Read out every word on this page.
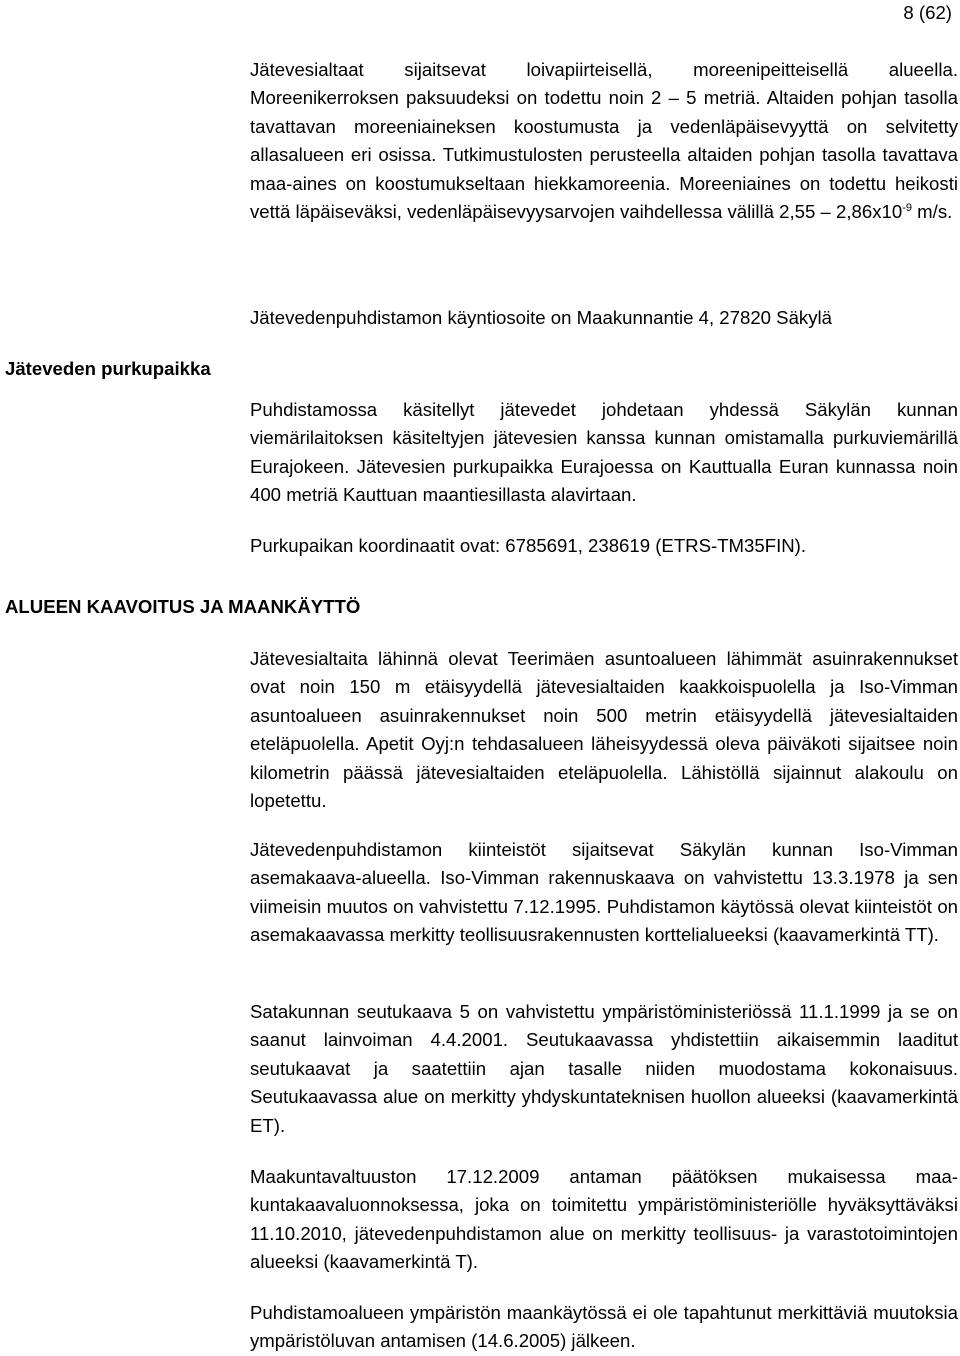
8 (62)

Jätevesialtaat sijaitsevat loivapiirteisellä, moreenipeitteisellä alueella. Moreenikerroksen paksuudeksi on todettu noin 2 – 5 metriä. Altaiden pohjan tasolla tavattavan moreeniaineksen koostumusta ja vedenläpäisevyyttä on selvitetty allasalueen eri osissa. Tutkimustulosten perusteella altaiden pohjan tasolla tavattava maa-aines on koostumukseltaan hiekkamoreenia. Moreeniaines on todettu heikosti vettä läpäiseväksi, vedenläpäisevyysarvojen vaihdellessa välillä $2,55 - 2,86x10^{-9}$ m/s.

Jätevedenpuhdistamon käyntiosoite on Maakunnantie 4, 27820 Säkylä

Jäteveden purkupaikka

Puhdistamossa käsitellyt jätevedet johdetaan yhdessä Säkylän kunnan viemärilaitoksen käsiteltyjen jätevesien kanssa kunnan omistamalla purkuviemärillä Eurajokeen. Jätevesien purkupaikka Eurajoessa on Kauttualla Euran kunnassa noin 400 metriä Kauttuan maantiesillasta alavirtaan.

Purkupaikan koordinaatit ovat: 6785691, 238619 (ETRS-TM35FIN).

ALUEEN KAAVOITUS JA MAANKÄYTTÖ

Jätevesialtaita lähinnä olevat Teerimäen asuntoalueen lähimmät asuinrakennukset ovat noin 150 m etäisyydellä jätevesialtaiden kaakkoispuolella ja Iso-Vimman asuntoalueen asuinrakennukset noin 500 metrin etäisyydellä jätevesialtaiden eteläpuolella. Apetit Oyj:n tehdasalueen läheisyydessä oleva päiväkoti sijaitsee noin kilometrin päässä jätevesialtaiden eteläpuolella. Lähistöllä sijainnut alakoulu on lopetettu.

Jätevedenpuhdistamon kiinteistöt sijaitsevat Säkylän kunnan Iso-Vimman asemakaava-alueella. Iso-Vimman rakennuskaava on vahvistettu 13.3.1978 ja sen viimeisin muutos on vahvistettu 7.12.1995. Puhdistamon käytössä olevat kiinteistöt on asemakaavassa merkitty teollisuusrakennusten korttelialueeksi (kaavamerkintä TT).

Satakunnan seutukaava 5 on vahvistettu ympäristöministeriössä 11.1.1999 ja se on saanut lainvoiman 4.4.2001. Seutukaavassa yhdistettiin aikaisemmin laaditut seutukaavat ja saatettiin ajan tasalle niiden muodostama kokonaisuus. Seutukaavassa alue on merkitty yhdyskuntateknisen huollon alueeksi (kaavamerkintä ET).

Maakuntavaltuuston 17.12.2009 antaman päätöksen mukaisessa maakuntakaavaluonnoksessa, joka on toimitettu ympäristöministeriölle hyväksyttäväksi 11.10.2010, jätevedenpuhdistamon alue on merkitty teollisuus- ja varastotoimintojen alueeksi (kaavamerkintä T).

Puhdistamoalueen ympäristön maankäytössä ei ole tapahtunut merkittäviä muutoksia ympäristöluvan antamisen (14.6.2005) jälkeen.
